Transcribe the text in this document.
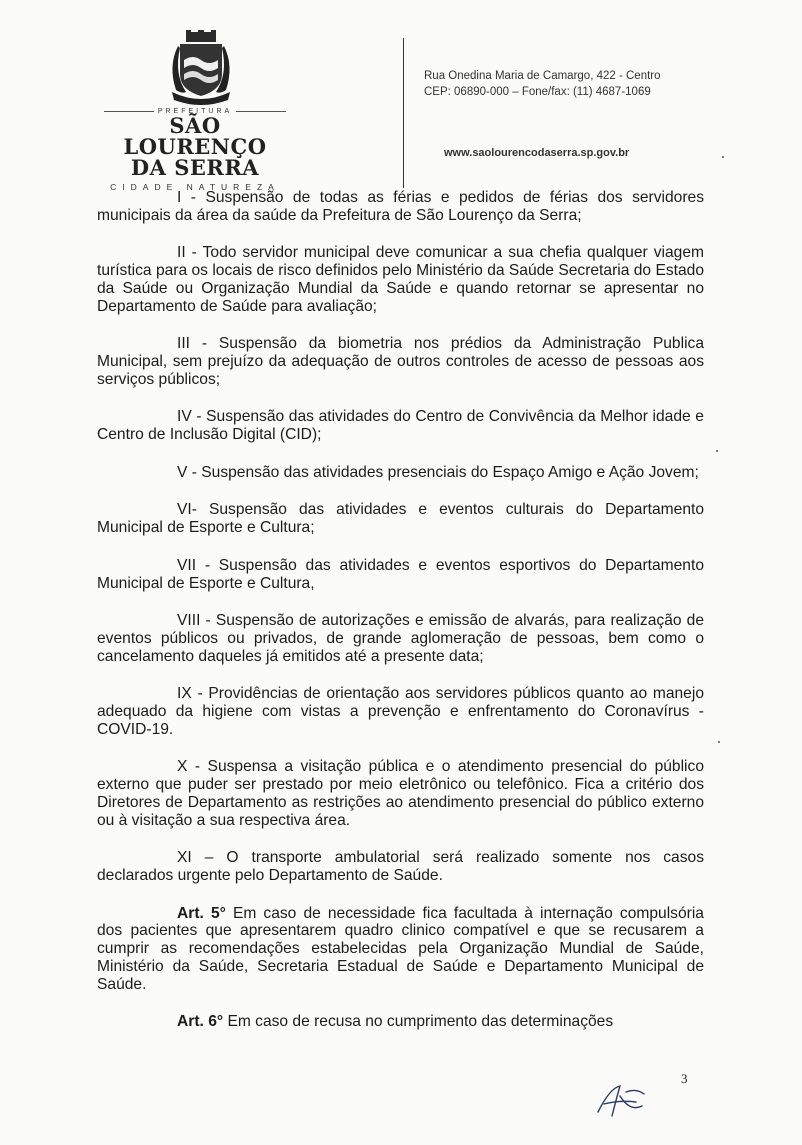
PREFEITURA
SÃO LOURENÇO
DA SERRA
CIDADE NATUREZA
Rua Onedina Maria de Camargo, 422 - Centro
CEP: 06890-000 – Fone/fax: (11) 4687-1069
www.saolourencodaserra.sp.gov.br

I - Suspensão de todas as férias e pedidos de férias dos servidores municipais da área da saúde da Prefeitura de São Lourenço da Serra;

II - Todo servidor municipal deve comunicar a sua chefia qualquer viagem turística para os locais de risco definidos pelo Ministério da Saúde Secretaria do Estado da Saúde ou Organização Mundial da Saúde e quando retornar se apresentar no Departamento de Saúde para avaliação;

III - Suspensão da biometria nos prédios da Administração Publica Municipal, sem prejuízo da adequação de outros controles de acesso de pessoas aos serviços públicos;

IV - Suspensão das atividades do Centro de Convivência da Melhor idade e Centro de Inclusão Digital (CID);

V - Suspensão das atividades presenciais do Espaço Amigo e Ação Jovem;

VI- Suspensão das atividades e eventos culturais do Departamento Municipal de Esporte e Cultura;

VII - Suspensão das atividades e eventos esportivos do Departamento Municipal de Esporte e Cultura,

VIII - Suspensão de autorizações e emissão de alvarás, para realização de eventos públicos ou privados, de grande aglomeração de pessoas, bem como o cancelamento daqueles já emitidos até a presente data;

IX - Providências de orientação aos servidores públicos quanto ao manejo adequado da higiene com vistas a prevenção e enfrentamento do Coronavírus - COVID-19.

X - Suspensa a visitação pública e o atendimento presencial do público externo que puder ser prestado por meio eletrônico ou telefônico. Fica a critério dos Diretores de Departamento as restrições ao atendimento presencial do público externo ou à visitação a sua respectiva área.

XI – O transporte ambulatorial será realizado somente nos casos declarados urgente pelo Departamento de Saúde.

Art. 5° Em caso de necessidade fica facultada à internação compulsória dos pacientes que apresentarem quadro clinico compatível e que se recusarem a cumprir as recomendações estabelecidas pela Organização Mundial de Saúde, Ministério da Saúde, Secretaria Estadual de Saúde e Departamento Municipal de Saúde.

Art. 6° Em caso de recusa no cumprimento das determinações

3
